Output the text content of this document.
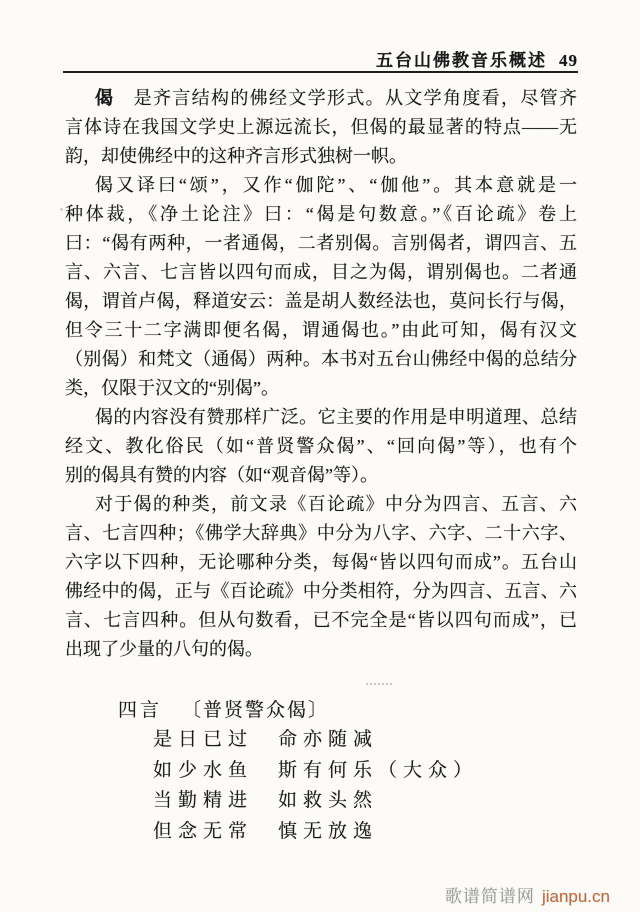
五台山佛教音乐概述 49
偈　是齐言结构的佛经文学形式。从文学角度看，尽管齐
言体诗在我国文学史上源远流长，但偈的最显著的特点——无
韵，却使佛经中的这种齐言形式独树一帜。
偈又译曰“颂”，又作“伽陀”、“伽他”。其本意就是一
种体裁，《净土论注》曰：“偈是句数意。”《百论疏》卷上
曰：“偈有两种，一者通偈，二者别偈。言别偈者，谓四言、五
言、六言、七言皆以四句而成，目之为偈，谓别偈也。二者通
偈，谓首卢偈，释道安云：盖是胡人数经法也，莫问长行与偈，
但令三十二字满即便名偈，谓通偈也。”由此可知，偈有汉文
（别偈）和梵文（通偈）两种。本书对五台山佛经中偈的总结分
类，仅限于汉文的“别偈”。
偈的内容没有赞那样广泛。它主要的作用是申明道理、总结
经文、教化俗民（如“普贤警众偈”、“回向偈”等），也有个
别的偈具有赞的内容（如“观音偈”等）。
对于偈的种类，前文录《百论疏》中分为四言、五言、六
言、七言四种；《佛学大辞典》中分为八字、六字、二十六字、
六字以下四种，无论哪种分类，每偈“皆以四句而成”。五台山
佛经中的偈，正与《百论疏》中分类相符，分为四言、五言、六
言、七言四种。但从句数看，已不完全是“皆以四句而成”，已
出现了少量的八句的偈。
四言 〔普贤警众偈〕
是日已过　命亦随减
如少水鱼　斯有何乐（大众）
当勤精进　如救头然
但念无常　慎无放逸
歌谱简谱网 jianpu.cn
